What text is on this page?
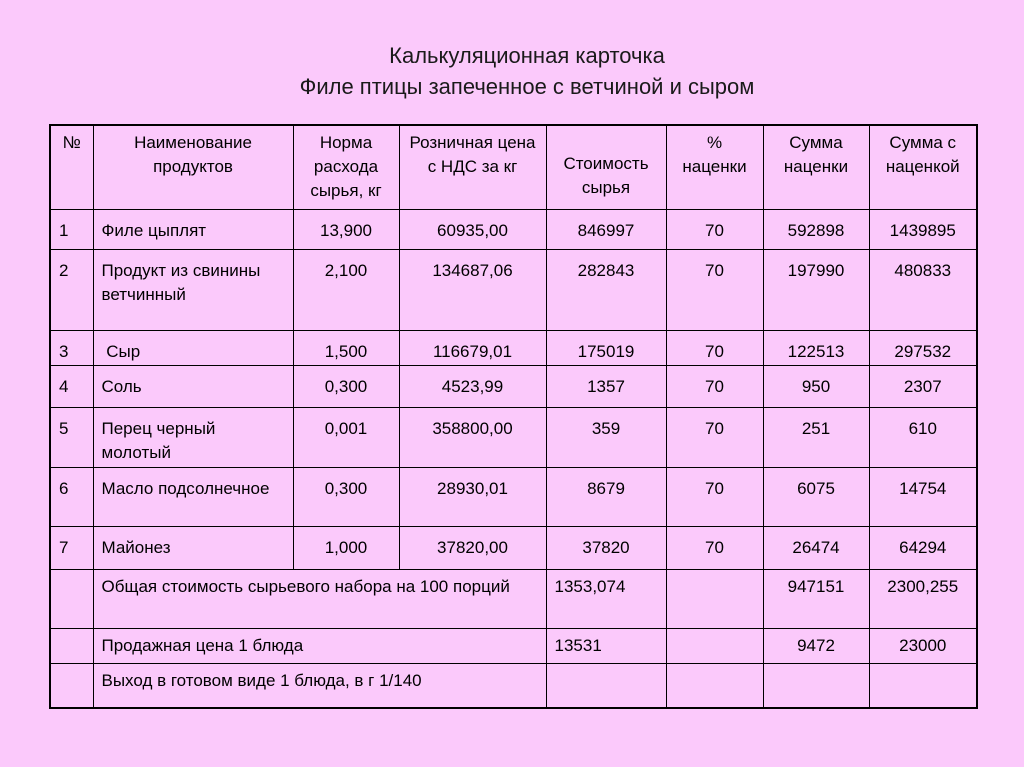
Калькуляционная карточка
Филе птицы запеченное с ветчиной и сыром
№	Наименование продуктов	Норма расхода сырья, кг	Розничная цена с НДС за кг	Стоимость сырья	% наценки	Сумма наценки	Сумма с наценкой
1	Филе цыплят	13,900	60935,00	846997	70	592898	1439895
2	Продукт из свинины ветчинный	2,100	134687,06	282843	70	197990	480833
3	Сыр	1,500	116679,01	175019	70	122513	297532
4	Соль	0,300	4523,99	1357	70	950	2307
5	Перец черный молотый	0,001	358800,00	359	70	251	610
6	Масло подсолнечное	0,300	28930,01	8679	70	6075	14754
7	Майонез	1,000	37820,00	37820	70	26474	64294
	Общая стоимость сырьевого набора на 100 порций			1353,074		947151	2300,255
	Продажная цена 1 блюда			13531		9472	23000
	Выход в готовом виде 1 блюда, в г 1/140						
